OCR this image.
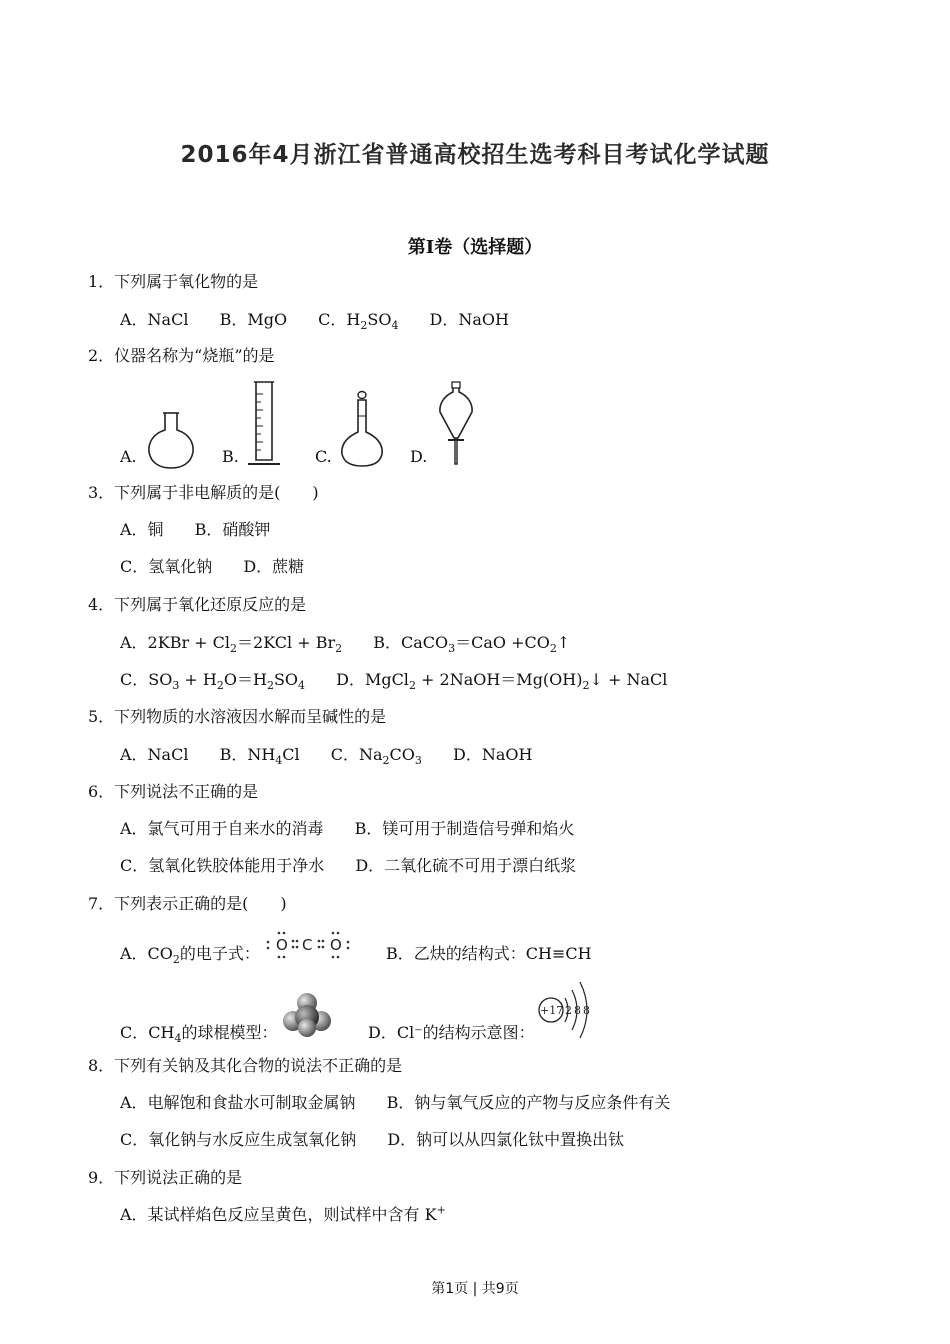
2016年4月浙江省普通高校招生选考科目考试化学试题
第I卷（选择题）
1．下列属于氧化物的是
A．NaCl B．MgO C．$H_2SO_4$ D．NaOH
2．仪器名称为“烧瓶”的是
A.	B.	C.	D.
3．下列属于非电解质的是(　　)
A．铜 B．硝酸钾
C．氢氧化钠 D．蔗糖
4．下列属于氧化还原反应的是
A．$2KBr + Cl_2=2KCl + Br_2$ B．CaCO$_3$＝CaO $+CO_2↑$
C．$SO_3 + H_2O=H_2SO_4$ D．MgCl$_2$ + $2NaOH=Mg(OH)_2↓$ + NaCl
5．下列物质的水溶液因水解而呈碱性的是
A．NaCl B．$NH_4Cl$ C．$Na_2CO_3$ D．NaOH
6．下列说法不正确的是
A．氯气可用于自来水的消毒 B．镁可用于制造信号弹和焰火
C．氢氧化铁胶体能用于净水 D．二氧化硫不可用于漂白纸浆
7．下列表示正确的是(　　)
A．$CO_2$的电子式： O C O	B．乙炔的结构式：CH≡CH
C．$CH_4$的球棍模型：	D．Cl⁻的结构示意图：
+17 2 8 8
8．下列有关钠及其化合物的说法不正确的是
A．电解饱和食盐水可制取金属钠 B．钠与氧气反应的产物与反应条件有关
C．氧化钠与水反应生成氢氧化钠 D．钠可以从四氯化钛中置换出钛
9．下列说法正确的是
A．某试样焰色反应呈黄色，则试样中含有 K+
第1页 | 共9页
